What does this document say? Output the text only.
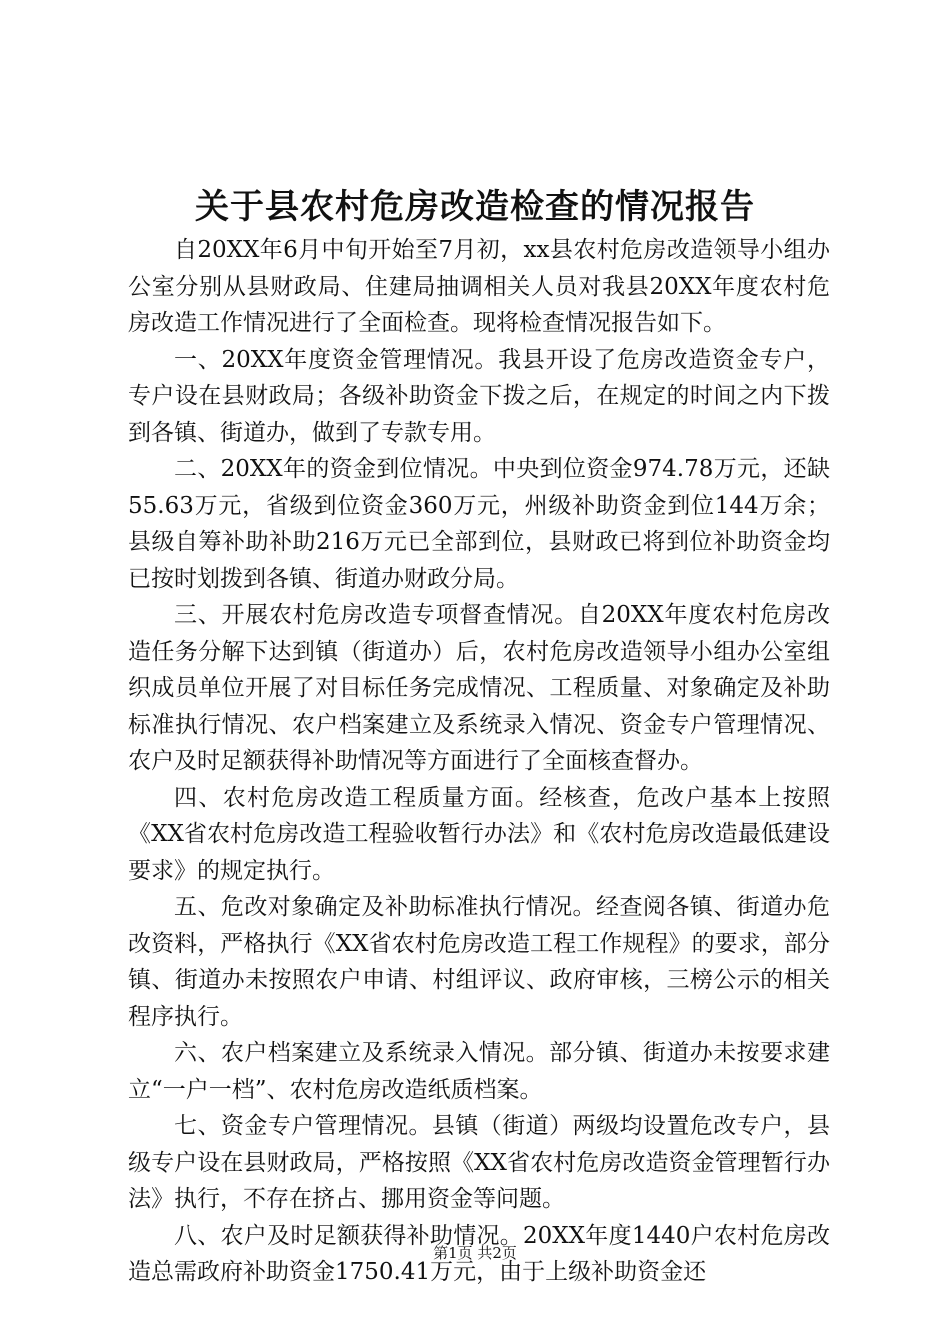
关于县农村危房改造检查的情况报告

自20XX年6月中旬开始至7月初，xx县农村危房改造领导小组办公室分别从县财政局、住建局抽调相关人员对我县20XX年度农村危房改造工作情况进行了全面检查。现将检查情况报告如下。

一、20XX年度资金管理情况。我县开设了危房改造资金专户，专户设在县财政局；各级补助资金下拨之后，在规定的时间之内下拨到各镇、街道办，做到了专款专用。

二、20XX年的资金到位情况。中央到位资金974.78万元，还缺55.63万元，省级到位资金360万元，州级补助资金到位144万余；县级自筹补助补助216万元已全部到位，县财政已将到位补助资金均已按时划拨到各镇、街道办财政分局。

三、开展农村危房改造专项督查情况。自20XX年度农村危房改造任务分解下达到镇（街道办）后，农村危房改造领导小组办公室组织成员单位开展了对目标任务完成情况、工程质量、对象确定及补助标准执行情况、农户档案建立及系统录入情况、资金专户管理情况、农户及时足额获得补助情况等方面进行了全面核查督办。

四、农村危房改造工程质量方面。经核查，危改户基本上按照《XX省农村危房改造工程验收暂行办法》和《农村危房改造最低建设要求》的规定执行。

五、危改对象确定及补助标准执行情况。经查阅各镇、街道办危改资料，严格执行《XX省农村危房改造工程工作规程》的要求，部分镇、街道办未按照农户申请、村组评议、政府审核，三榜公示的相关程序执行。

六、农户档案建立及系统录入情况。部分镇、街道办未按要求建立“一户一档”、农村危房改造纸质档案。

七、资金专户管理情况。县镇（街道）两级均设置危改专户，县级专户设在县财政局，严格按照《XX省农村危房改造资金管理暂行办法》执行，不存在挤占、挪用资金等问题。

八、农户及时足额获得补助情况。20XX年度1440户农村危房改造总需政府补助资金1750.41万元，由于上级补助资金还

第1页 共2页
